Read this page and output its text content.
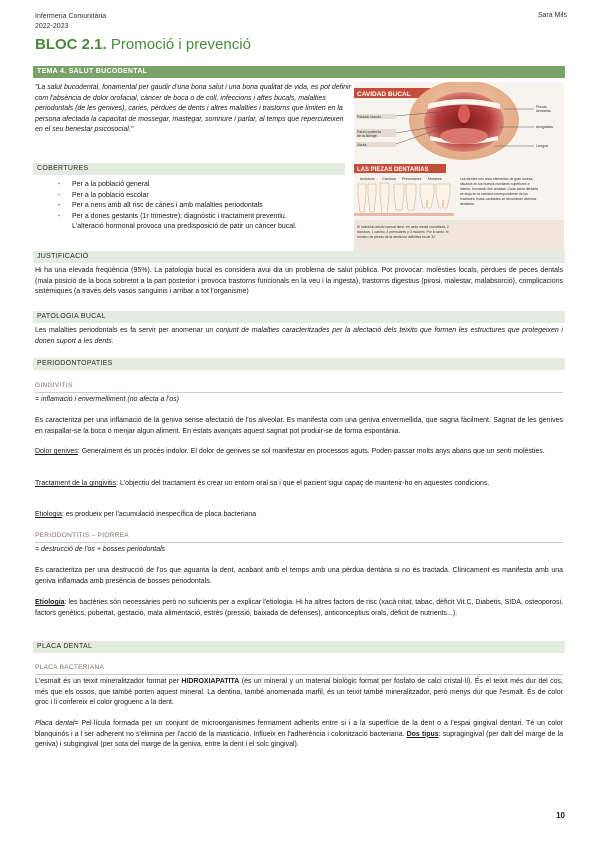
Infermeria Comunitària
2022-2023
Sara Mils
BLOC 2.1. Promoció i prevenció
TEMA 4. SALUT BUCODENTAL
"La salut bucodental, fonamental per gaudir d'una bona salut i una bona qualitat de vida, es pot definir com l'absència de dolor orofacial, càncer de boca o de coll, infeccions i aftes bucals, malalties periodontals (de les genives), caries, pèrdues de dents i altres malalties i trastorns que limiten en la persona afectada la capacitat de mossegar, mastegar, somriure i parlar, al temps que repercuteixen en el seu benestar psicosocial."
CAVIDAD BUCAL
Piezas
dentarias
Amígdalas
Lengua
Paladar blando
Pared posterior
de la faringe
Úvula
LAS PIEZAS DENTARIAS
Incisivos Caninos Premolares Molares	Los dientes son unos elementos de gran dureza, situados en los huesos maxilares superiores e inferior, formando dos arcadas. Cada pieza dentaria se aloja en la cavidad correspondiente de los maxilares, estas cavidades se denominan alvéolos dentarios.
El individuo adulto normal tiene, en cada media mandíbula, 2 incisivos, 1 canino, 2 premolares y 3 molares. Por lo tanto, el número de piezas de la dentición definitiva es de 32.
COBERTURES
- Per a la població general
- Per a la població escolar
- Per a nens amb alt risc de càries i amb malalties periodontals
- Per a dones gestants (1r trimestre): diagnòstic i tractament preventiu.
L'alteració hormonal provoca una predisposició de patir un càncer bucal.
JUSTIFICACIÓ
Hi ha una elevada freqüència (95%). La patologia bucal es considera avui dia un problema de salut pública. Pot provocar: molèsties locals, pèrdues de peces dentals (mala posició de la boca sobretot a la part posterior i provoca trastorns funcionals en la veu i la ingesta), trastorns digestius (pirosi, malestar, malabsorció), complicacions sistèmiques (a través dels vasos sanguinis i arribar a tot l'organisme)
PATOLOGIA BUCAL
Les malalties periodontals es fa servir per anomenar un conjunt de malalties caracteritzades per la afectació dels teixits que formen les estructures que protegeixen i donen suport a les dents.
PERIODONTOPATIES
GINGIVITIS
= inflamació i envermelliment (no afecta a l'os)
Es caracteritza per una inflamació de la geniva sense afectació de l'os alveolar. Es manifesta com una geniva envermellida, que sagna fàcilment. Sagnat de les genives en raspallar-se la boca o menjar algun aliment. En estats avançats aquest sagnat pot produir-se de forma espontània.
Dolor genives: Generalment és un procés indolor. El dolor de genives se sol manifestar en processos aguts. Poden passar molts anys abans que un senti molèsties.
Tractament de la gingivitis: L'objectiu del tractament és crear un entorn oral sa i que el pacient sigui capaç de mantenir-ho en aquestes condicions.
Etiologia: es produeix per l'acumulació inespecífica de placa bacteriana
PERIODONTITIS – PIORREA
= destrucció de l'os + bosses periodontals
Es caracteritza per una destrucció de l'os que aguanta la dent, acabant amb el temps amb una pèrdua dentària si no és tractada. Clínicament es manifesta amb una geniva inflamada amb presència de bosses periodontals.
Etiologia: les bactèries són necessàries però no suficients per a explicar l'etiologia. Hi ha altres factors de risc (xacà nitat, tabac, dèficit Vit.C, Diabetis, SIDA, osteoporosi, factors genètics, pubertat, gestació, mala alimentació, estrès (pressió, baixada de defenses), anticonceptius orals, dèficit de nutrients...).
PLACA DENTAL
PLACA BACTERIANA
L'esmalt és un teixit mineralitzador format per HIDROXIAPATITA (és un mineral y un material biològic format per fosfato de calci cristal·lí). És el teixit més dur del cos, més que els ossos, que també porten aquest mineral. La dentina, també anomenada marfil, és un teixit també mineralitzador, però menys dur que l'esmalt. És de color groc i li confereix el color groguenc a la dent.
Placa dental= Pel·lícula formada per un conjunt de microorganismes fermament adherits entre si i a la superfície de la dent o a l'espai gingival dentari. Té un color blanquinós i a l ser adherent no s'elimina per l'acció de la masticació. Influeix en l'adherència i colonització bacteriana. Dos tipus: supragingival (per dalt del marge de la geniva) i subgingival (per sota del marge de la geniva, entre la dent i el solc gingival).
10
